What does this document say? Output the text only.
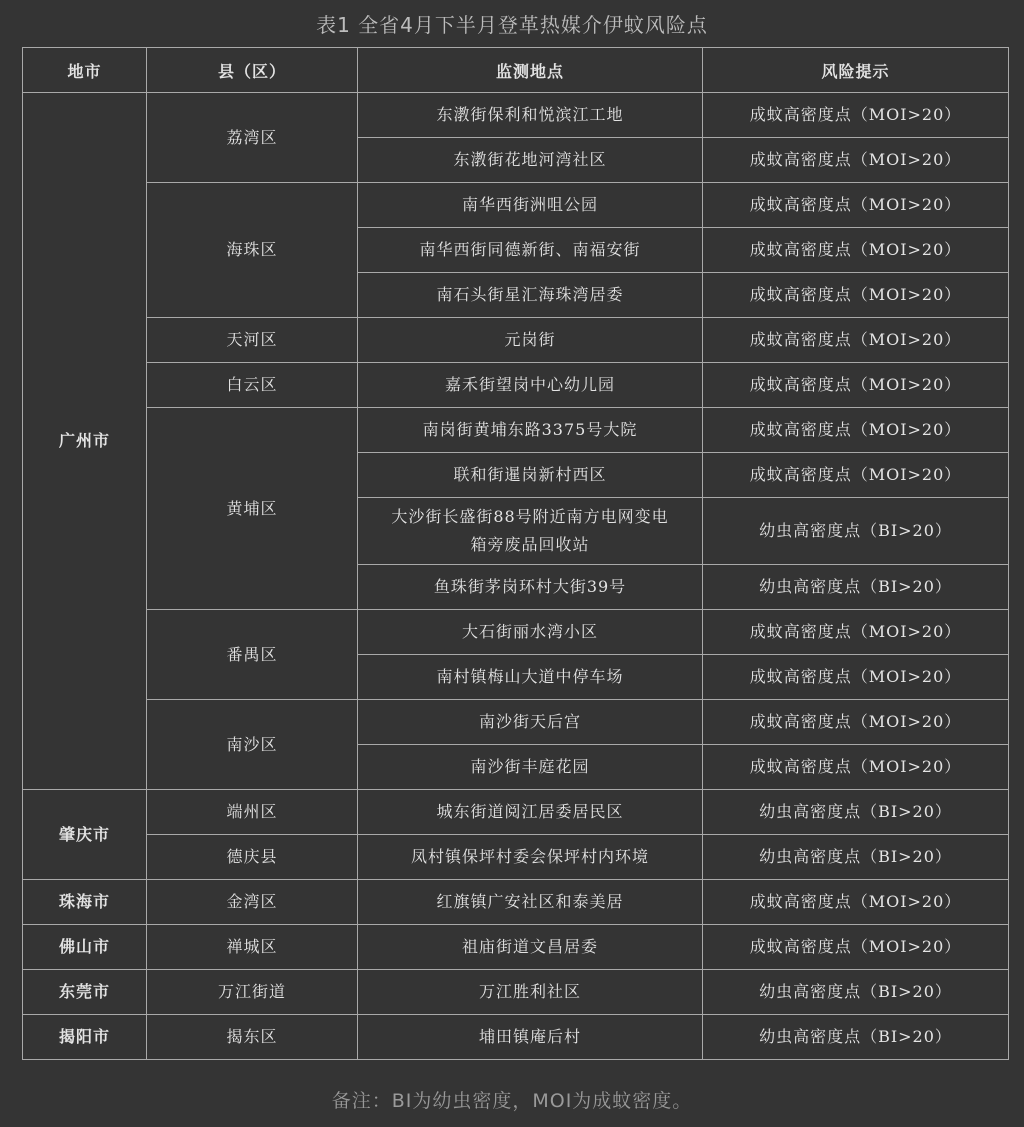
表1 全省4月下半月登革热媒介伊蚊风险点
地市	县（区）	监测地点	风险提示
广州市	荔湾区	东漖街保利和悦滨江工地	成蚊高密度点（MOI>20）
		东漖街花地河湾社区	成蚊高密度点（MOI>20）
	海珠区	南华西街洲咀公园	成蚊高密度点（MOI>20）
		南华西街同德新街、南福安街	成蚊高密度点（MOI>20）
		南石头街星汇海珠湾居委	成蚊高密度点（MOI>20）
	天河区	元岗街	成蚊高密度点（MOI>20）
	白云区	嘉禾街望岗中心幼儿园	成蚊高密度点（MOI>20）
	黄埔区	南岗街黄埔东路3375号大院	成蚊高密度点（MOI>20）
		联和街暹岗新村西区	成蚊高密度点（MOI>20）
		大沙街长盛街88号附近南方电网变电箱旁废品回收站	幼虫高密度点（BI>20）
		鱼珠街茅岗环村大街39号	幼虫高密度点（BI>20）
	番禺区	大石街丽水湾小区	成蚊高密度点（MOI>20）
		南村镇梅山大道中停车场	成蚊高密度点（MOI>20）
	南沙区	南沙街天后宫	成蚊高密度点（MOI>20）
		南沙街丰庭花园	成蚊高密度点（MOI>20）
肇庆市	端州区	城东街道阅江居委居民区	幼虫高密度点（BI>20）
	德庆县	凤村镇保坪村委会保坪村内环境	幼虫高密度点（BI>20）
珠海市	金湾区	红旗镇广安社区和泰美居	成蚊高密度点（MOI>20）
佛山市	禅城区	祖庙街道文昌居委	成蚊高密度点（MOI>20）
东莞市	万江街道	万江胜利社区	幼虫高密度点（BI>20）
揭阳市	揭东区	埔田镇庵后村	幼虫高密度点（BI>20）
备注：BI为幼虫密度，MOI为成蚊密度。
